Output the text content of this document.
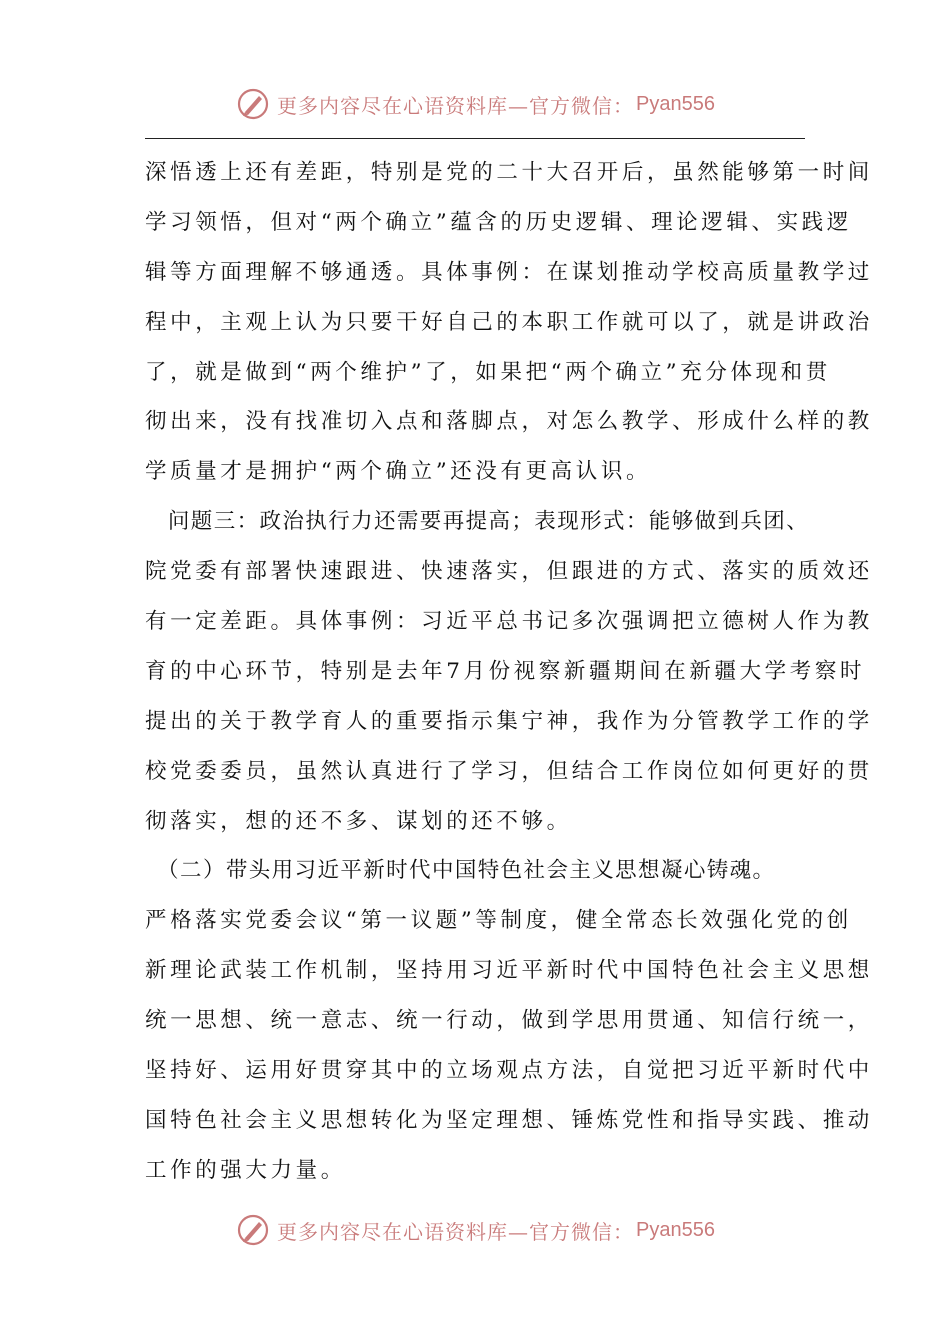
更多内容尽在心语资料库—官方微信： Pyan556
深悟透上还有差距，特别是党的二十大召开后，虽然能够第一时间
学习领悟，但对“两个确立”蕴含的历史逻辑、理论逻辑、实践逻
辑等方面理解不够通透。具体事例：在谋划推动学校高质量教学过
程中，主观上认为只要干好自己的本职工作就可以了，就是讲政治
了，就是做到“两个维护”了，如果把“两个确立”充分体现和贯
彻出来，没有找准切入点和落脚点，对怎么教学、形成什么样的教
学质量才是拥护“两个确立”还没有更高认识。
　问题三：政治执行力还需要再提高；表现形式：能够做到兵团、
院党委有部署快速跟进、快速落实，但跟进的方式、落实的质效还
有一定差距。具体事例：习近平总书记多次强调把立德树人作为教
育的中心环节，特别是去年7月份视察新疆期间在新疆大学考察时
提出的关于教学育人的重要指示集宁神，我作为分管教学工作的学
校党委委员，虽然认真进行了学习，但结合工作岗位如何更好的贯
彻落实，想的还不多、谋划的还不够。
　（二）带头用习近平新时代中国特色社会主义思想凝心铸魂。
严格落实党委会议“第一议题”等制度，健全常态长效强化党的创
新理论武装工作机制，坚持用习近平新时代中国特色社会主义思想
统一思想、统一意志、统一行动，做到学思用贯通、知信行统一，
坚持好、运用好贯穿其中的立场观点方法，自觉把习近平新时代中
国特色社会主义思想转化为坚定理想、锤炼党性和指导实践、推动
工作的强大力量。
更多内容尽在心语资料库—官方微信： Pyan556
